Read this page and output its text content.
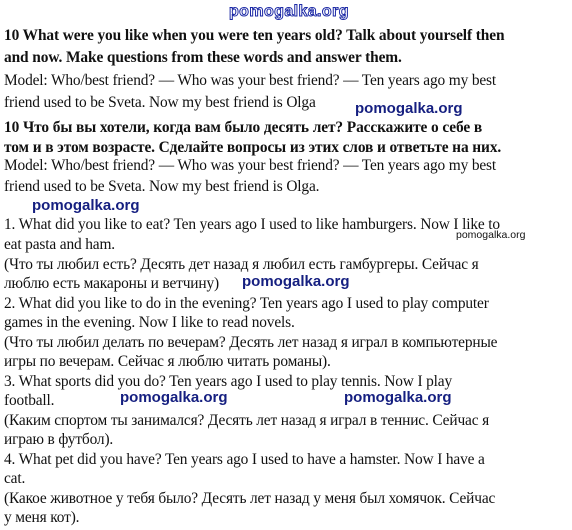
10 What were you like when you were ten years old? Talk about yourself then
and now. Make questions from these words and answer them.
Model: Who/best friend? — Who was your best friend? — Ten years ago my best
friend used to be Sveta. Now my best friend is Olga
10 Что бы вы хотели, когда вам было десять лет? Расскажите о себе в
том и в этом возрасте. Сделайте вопросы из этих слов и ответьте на них.
Model: Who/best friend? — Who was your best friend? — Ten years ago my best
friend used to be Sveta. Now my best friend is Olga.
1. What did you like to eat? Ten years ago I used to like hamburgers. Now I like to
eat pasta and ham.
(Что ты любил есть? Десять дет назад я любил есть гамбургеры. Сейчас я
люблю есть макароны и ветчину)
2. What did you like to do in the evening? Ten years ago I used to play computer
games in the evening. Now I like to read novels.
(Что ты любил делать по вечерам? Десять лет назад я играл в компьютерные
игры по вечерам. Сейчас я люблю читать романы).
3. What sports did you do? Ten years ago I used to play tennis. Now I play
football.
(Каким спортом ты занимался? Десять лет назад я играл в теннис. Сейчас я
играю в футбол).
4. What pet did you have? Ten years ago I used to have a hamster. Now I have a
cat.
(Какое животное у тебя было? Десять лет назад у меня был хомячок. Сейчас
у меня кот).
pomogalka.org
pomogalka.org
pomogalka.org
pomogalka.org
pomogalka.org
pomogalka.org	pomogalka.org
